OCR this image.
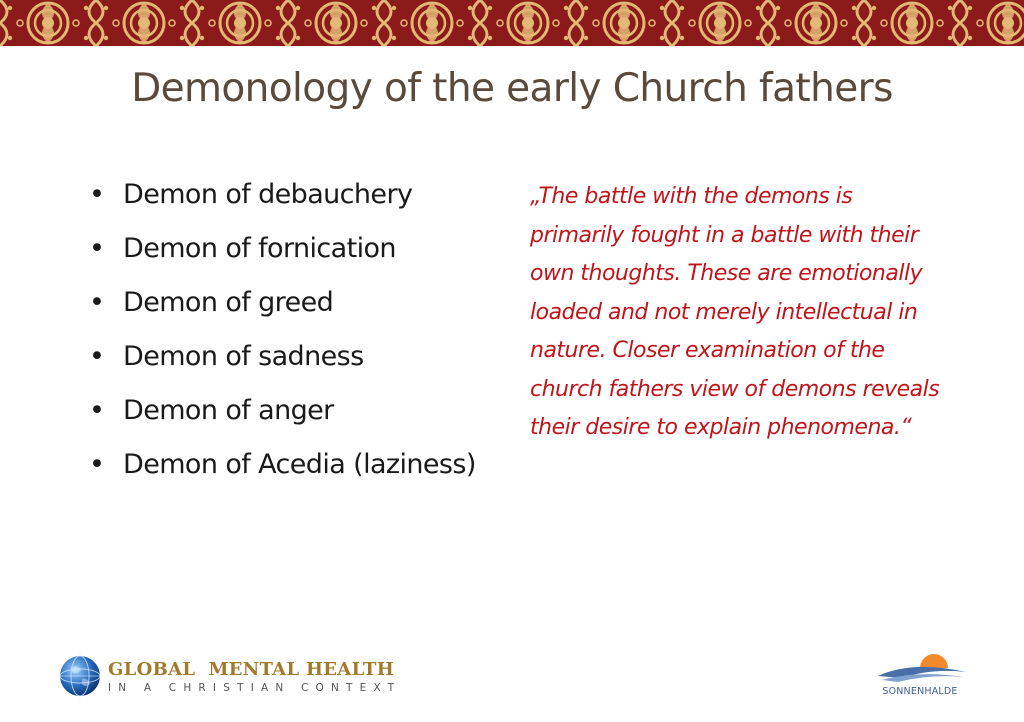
Demonology of the early Church fathers
• Demon of debauchery
• Demon of fornication
• Demon of greed
• Demon of sadness
• Demon of anger
• Demon of Acedia (laziness)

„The battle with the demons is primarily fought in a battle with their own thoughts. These are emotionally loaded and not merely intellectual in nature. Closer examination of the church fathers view of demons reveals their desire to explain phenomena.“

GLOBAL  MENTAL HEALTH
IN A CHRISTIAN CONTEXT	SONNENHALDE
